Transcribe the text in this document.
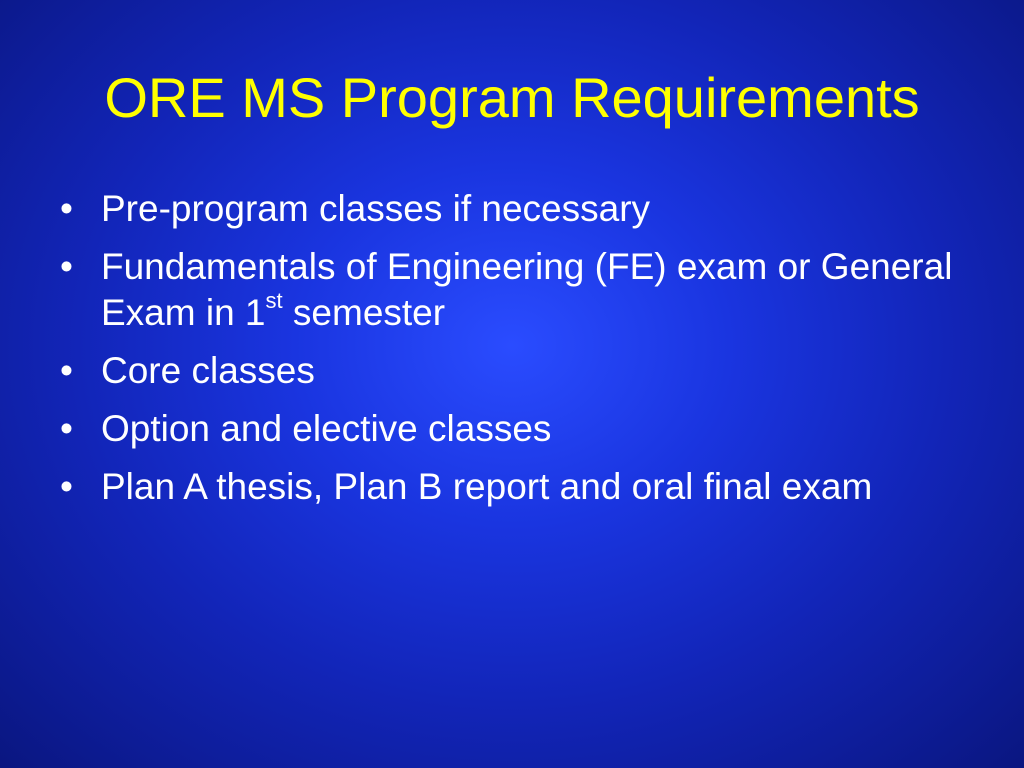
ORE MS Program Requirements
• Pre-program classes if necessary
• Fundamentals of Engineering (FE) exam or General Exam in 1st semester
• Core classes
• Option and elective classes
• Plan A thesis, Plan B report and oral final exam
